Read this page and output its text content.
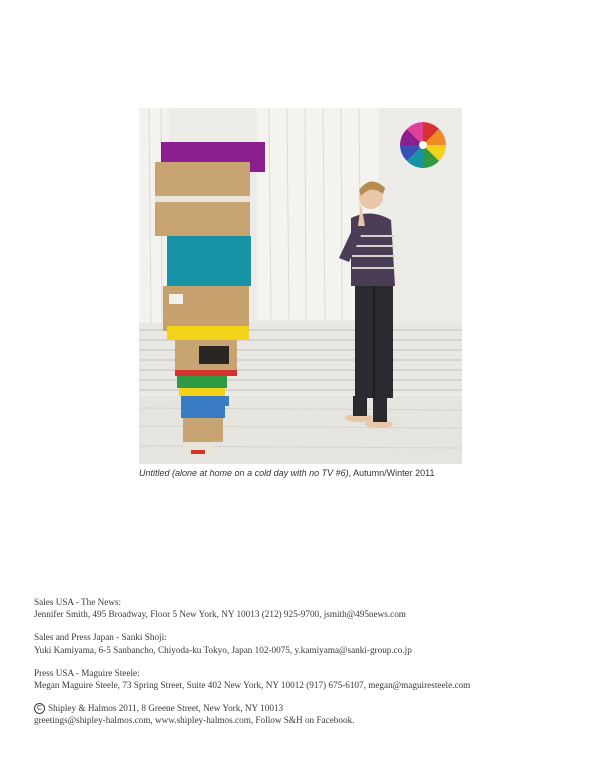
Untitled (alone at home on a cold day with no TV #6), Autumn/Winter 2011
Sales USA - The News:
Jennifer Smith, 495 Broadway, Floor 5 New York, NY 10013 (212) 925-9700, jsmith@495news.com
Sales and Press Japan - Sanki Shoji:
Yuki Kamiyama, 6-5 Sanbancho, Chiyoda-ku Tokyo, Japan 102-0075, y.kamiyama@sanki-group.co.jp
Press USA - Maguire Steele:
Megan Maguire Steele, 73 Spring Street, Suite 402 New York, NY 10012 (917) 675-6107, megan@maguiresteele.com
C Shipley & Halmos 2011, 8 Greene Street, New York, NY 10013
greetings@shipley-halmos.com, www.shipley-halmos.com, Follow S&H on Facebook.
